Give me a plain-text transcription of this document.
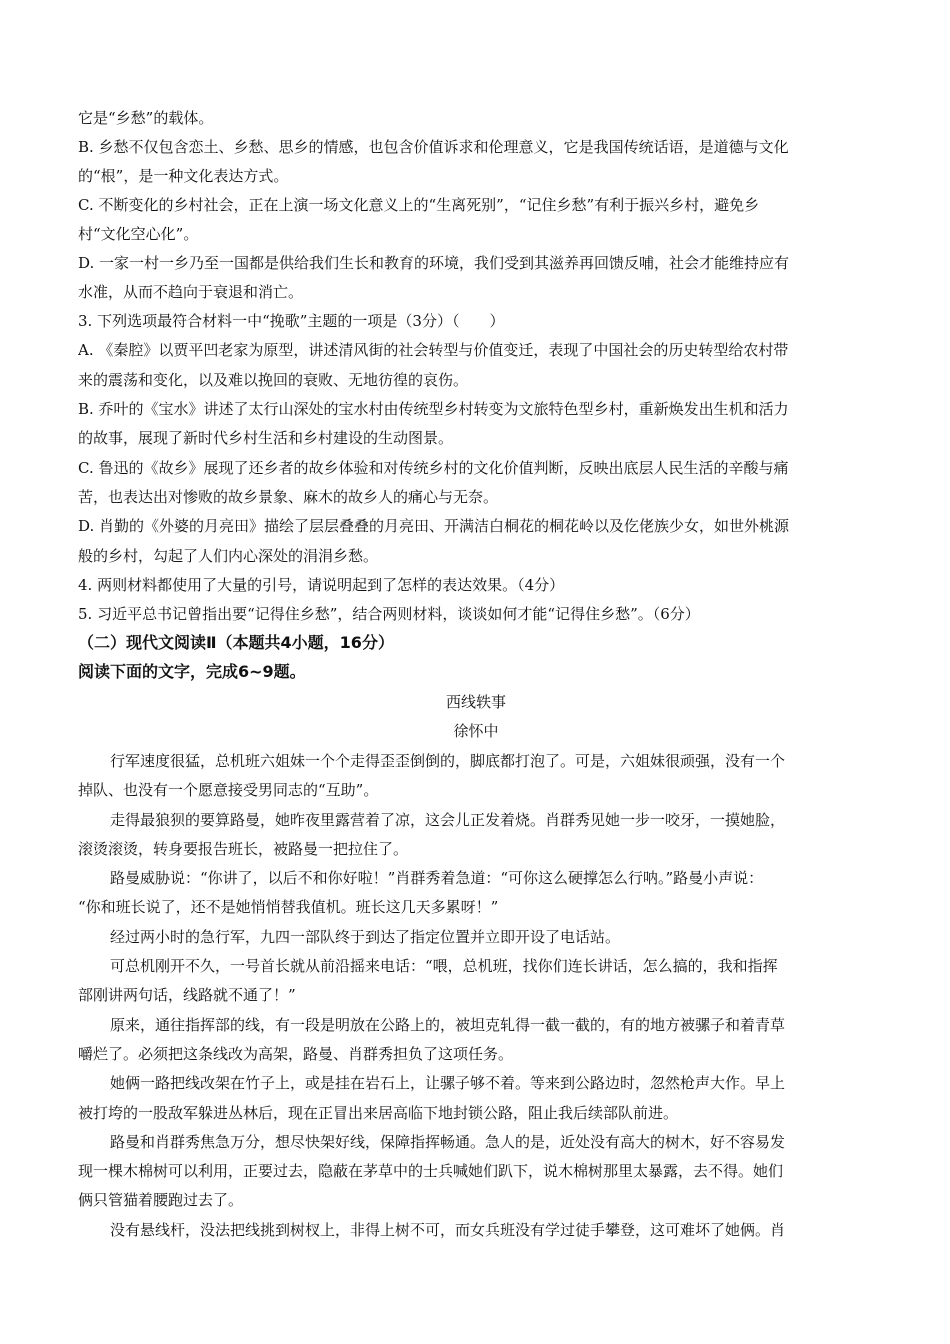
它是“乡愁”的载体。
B. 乡愁不仅包含恋土、乡愁、思乡的情感，也包含价值诉求和伦理意义，它是我国传统话语，是道德与文化
的“根”，是一种文化表达方式。
C. 不断变化的乡村社会，正在上演一场文化意义上的“生离死别”，“记住乡愁”有利于振兴乡村，避免乡
村“文化空心化”。
D. 一家一村一乡乃至一国都是供给我们生长和教育的环境，我们受到其滋养再回馈反哺，社会才能维持应有
水准，从而不趋向于衰退和消亡。
3. 下列选项最符合材料一中“挽歌”主题的一项是（3分）（　　）
A. 《秦腔》以贾平凹老家为原型，讲述清风街的社会转型与价值变迁，表现了中国社会的历史转型给农村带
来的震荡和变化，以及难以挽回的衰败、无地彷徨的哀伤。
B. 乔叶的《宝水》讲述了太行山深处的宝水村由传统型乡村转变为文旅特色型乡村，重新焕发出生机和活力
的故事，展现了新时代乡村生活和乡村建设的生动图景。
C. 鲁迅的《故乡》展现了还乡者的故乡体验和对传统乡村的文化价值判断，反映出底层人民生活的辛酸与痛
苦，也表达出对惨败的故乡景象、麻木的故乡人的痛心与无奈。
D. 肖勤的《外婆的月亮田》描绘了层层叠叠的月亮田、开满洁白桐花的桐花岭以及仡佬族少女，如世外桃源
般的乡村，勾起了人们内心深处的涓涓乡愁。
4. 两则材料都使用了大量的引号，请说明起到了怎样的表达效果。（4分）
5. 习近平总书记曾指出要“记得住乡愁”，结合两则材料，谈谈如何才能“记得住乡愁”。（6分）
（二）现代文阅读Ⅱ（本题共4小题，16分）
阅读下面的文字，完成6~9题。
西线轶事
徐怀中
行军速度很猛，总机班六姐妹一个个走得歪歪倒倒的，脚底都打泡了。可是，六姐妹很顽强，没有一个
掉队、也没有一个愿意接受男同志的“互助”。
走得最狼狈的要算路曼，她昨夜里露营着了凉，这会儿正发着烧。肖群秀见她一步一咬牙，一摸她脸，
滚烫滚烫，转身要报告班长，被路曼一把拉住了。
路曼威胁说：“你讲了，以后不和你好啦！”肖群秀着急道：“可你这么硬撑怎么行呐。”路曼小声说：
“你和班长说了，还不是她悄悄替我值机。班长这几天多累呀！”
经过两小时的急行军，九四一部队终于到达了指定位置并立即开设了电话站。
可总机刚开不久，一号首长就从前沿摇来电话：“喂，总机班，找你们连长讲话，怎么搞的，我和指挥
部刚讲两句话，线路就不通了！”
原来，通往指挥部的线，有一段是明放在公路上的，被坦克轧得一截一截的，有的地方被骡子和着青草
嚼烂了。必须把这条线改为高架，路曼、肖群秀担负了这项任务。
她俩一路把线改架在竹子上，或是挂在岩石上，让骡子够不着。等来到公路边时，忽然枪声大作。早上
被打垮的一股敌军躲进丛林后，现在正冒出来居高临下地封锁公路，阻止我后续部队前进。
路曼和肖群秀焦急万分，想尽快架好线，保障指挥畅通。急人的是，近处没有高大的树木，好不容易发
现一棵木棉树可以利用，正要过去，隐蔽在茅草中的士兵喊她们趴下，说木棉树那里太暴露，去不得。她们
俩只管猫着腰跑过去了。
没有悬线杆，没法把线挑到树杈上，非得上树不可，而女兵班没有学过徒手攀登，这可难坏了她俩。肖
